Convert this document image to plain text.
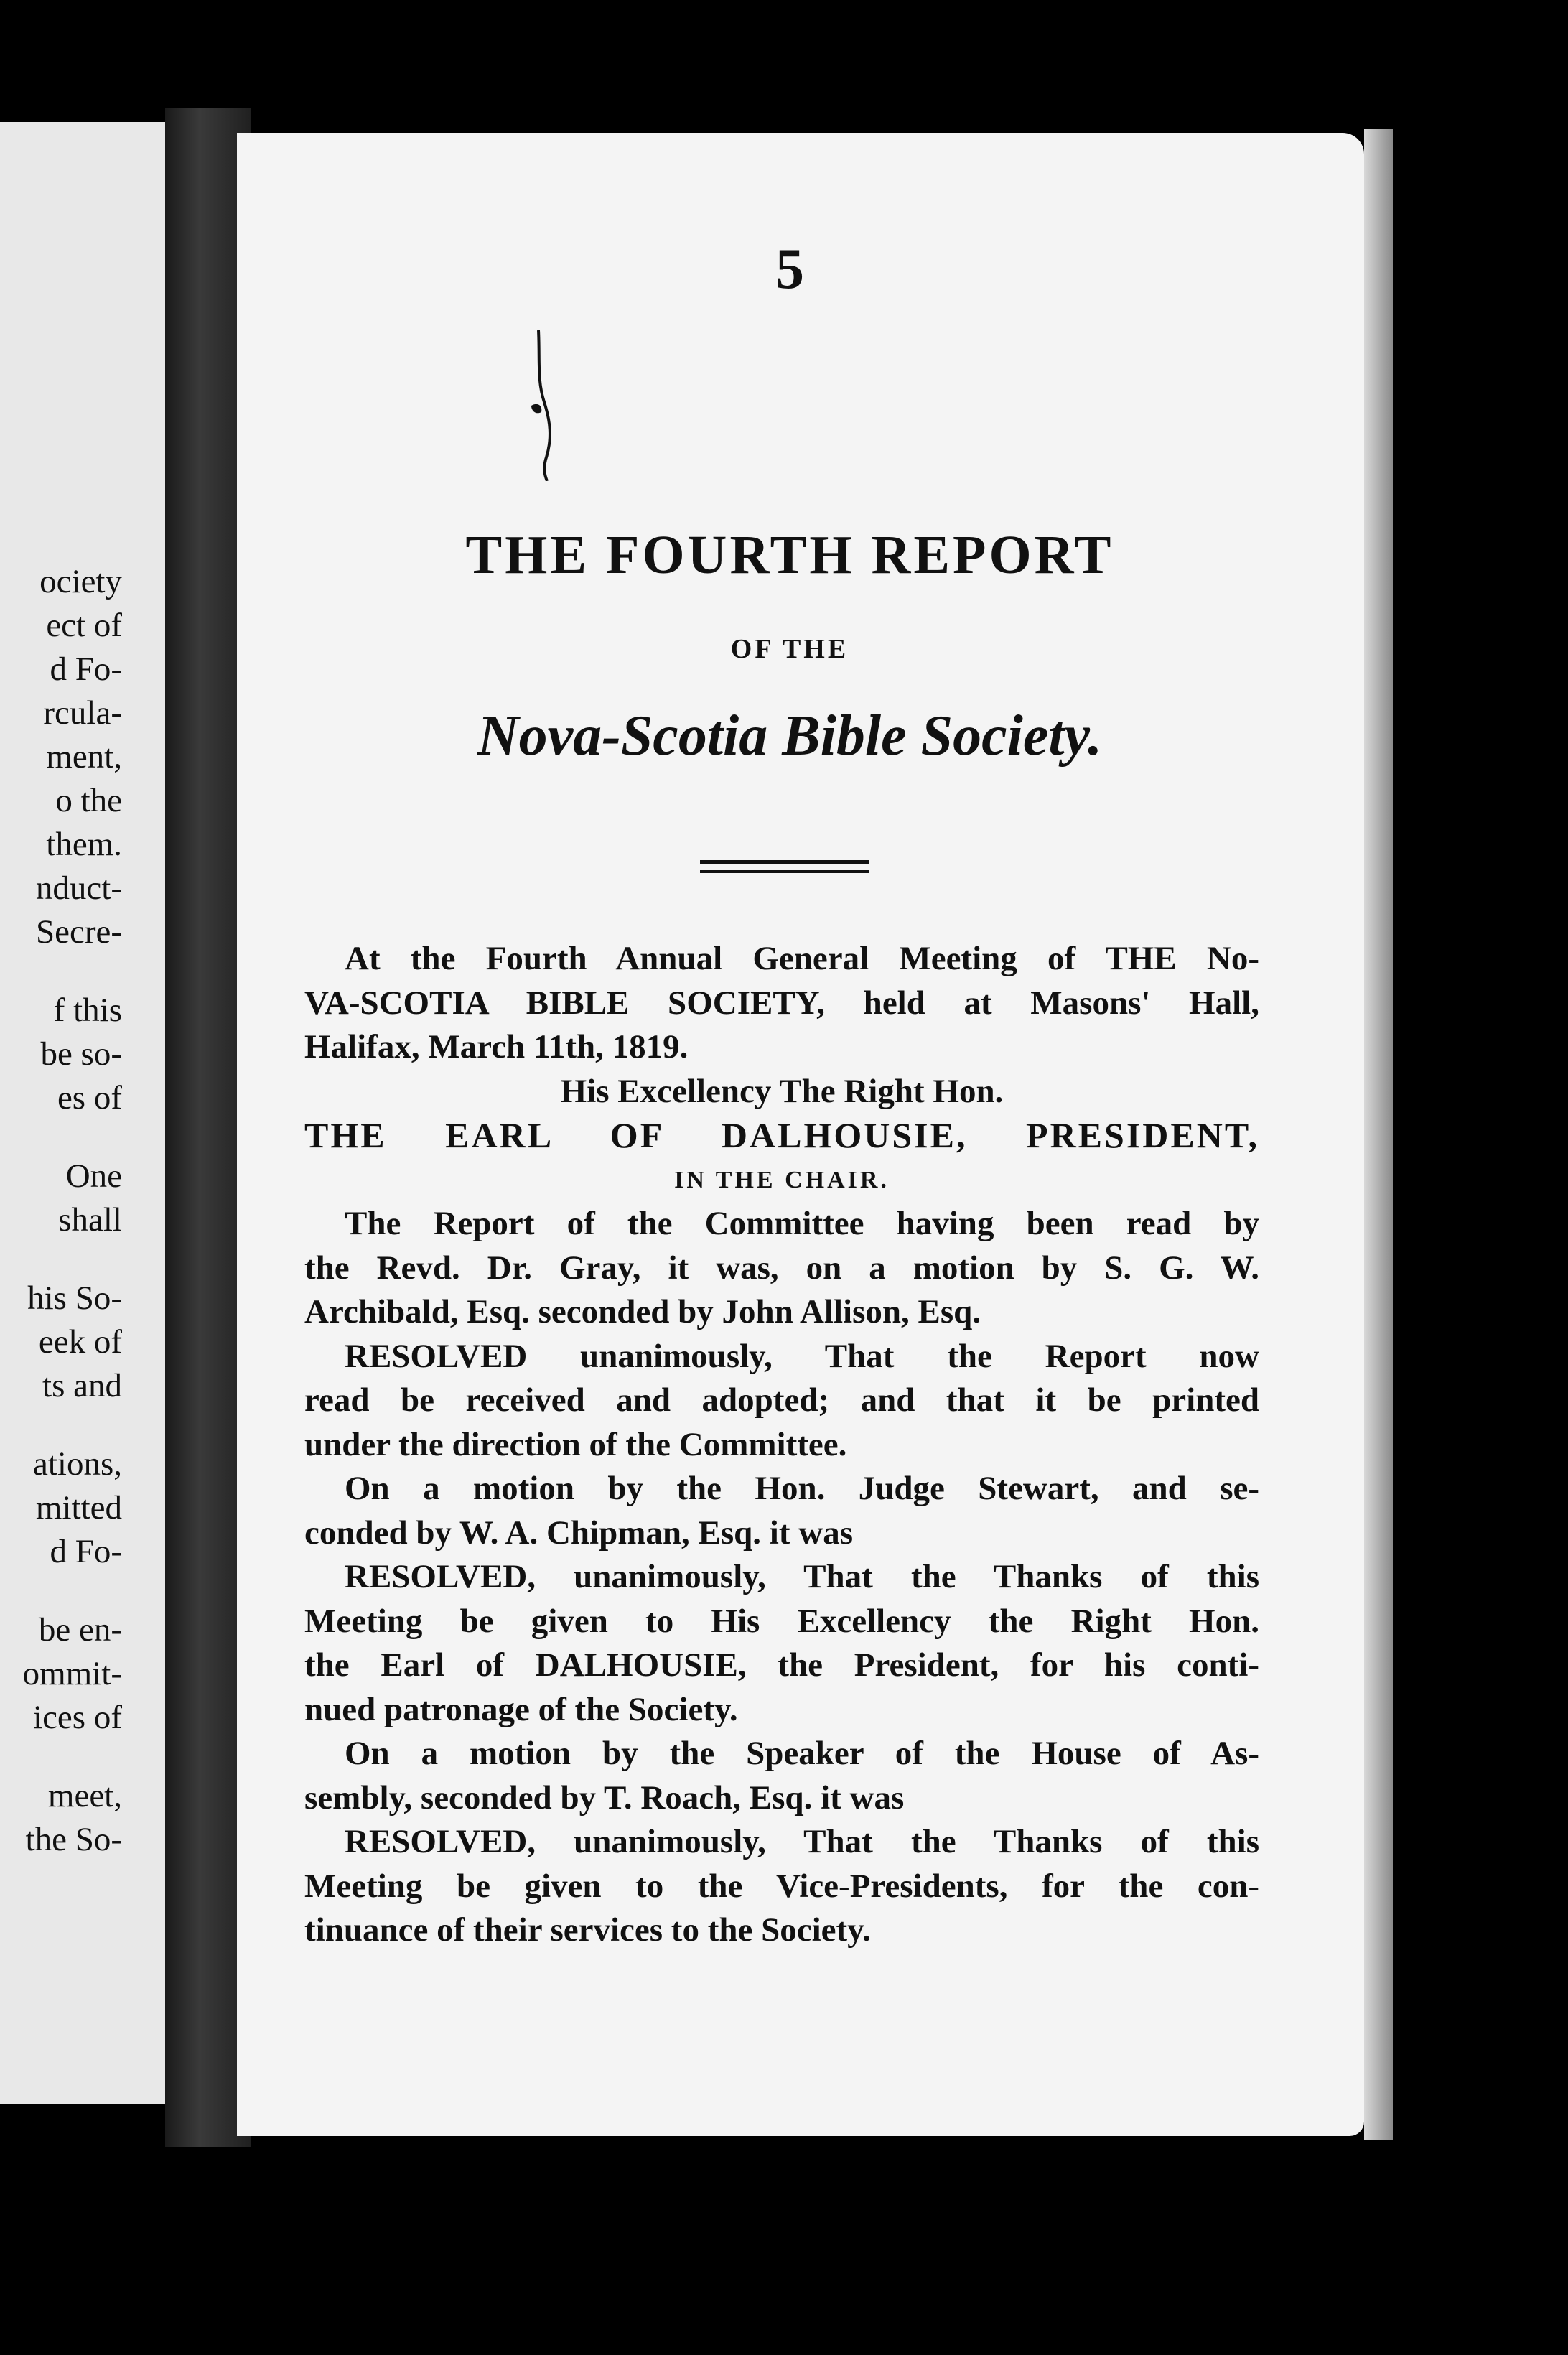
ociety
ect of
d Fo-
rcula-
ment,
o the
them.
nduct-
Secre-
f this
be so-
es of
One
shall
his So-
eek of
ts and
ations,
mitted
d Fo-
be en-
ommit-
ices of
meet,
the So-
5
THE FOURTH REPORT
OF THE
Nova-Scotia Bible Society.
At the Fourth Annual General Meeting of THE No-
VA-SCOTIA BIBLE SOCIETY, held at Masons' Hall,
Halifax, March 11th, 1819.
His Excellency The Right Hon.
THE EARL OF DALHOUSIE, PRESIDENT,
IN THE CHAIR.
The Report of the Committee having been read by
the Revd. Dr. Gray, it was, on a motion by S. G. W.
Archibald, Esq. seconded by John Allison, Esq.
RESOLVED unanimously, That the Report now
read be received and adopted; and that it be printed
under the direction of the Committee.
On a motion by the Hon. Judge Stewart, and se-
conded by W. A. Chipman, Esq. it was
RESOLVED, unanimously, That the Thanks of this
Meeting be given to His Excellency the Right Hon.
the Earl of DALHOUSIE, the President, for his conti-
nued patronage of the Society.
On a motion by the Speaker of the House of As-
sembly, seconded by T. Roach, Esq. it was
RESOLVED, unanimously, That the Thanks of this
Meeting be given to the Vice-Presidents, for the con-
tinuance of their services to the Society.
